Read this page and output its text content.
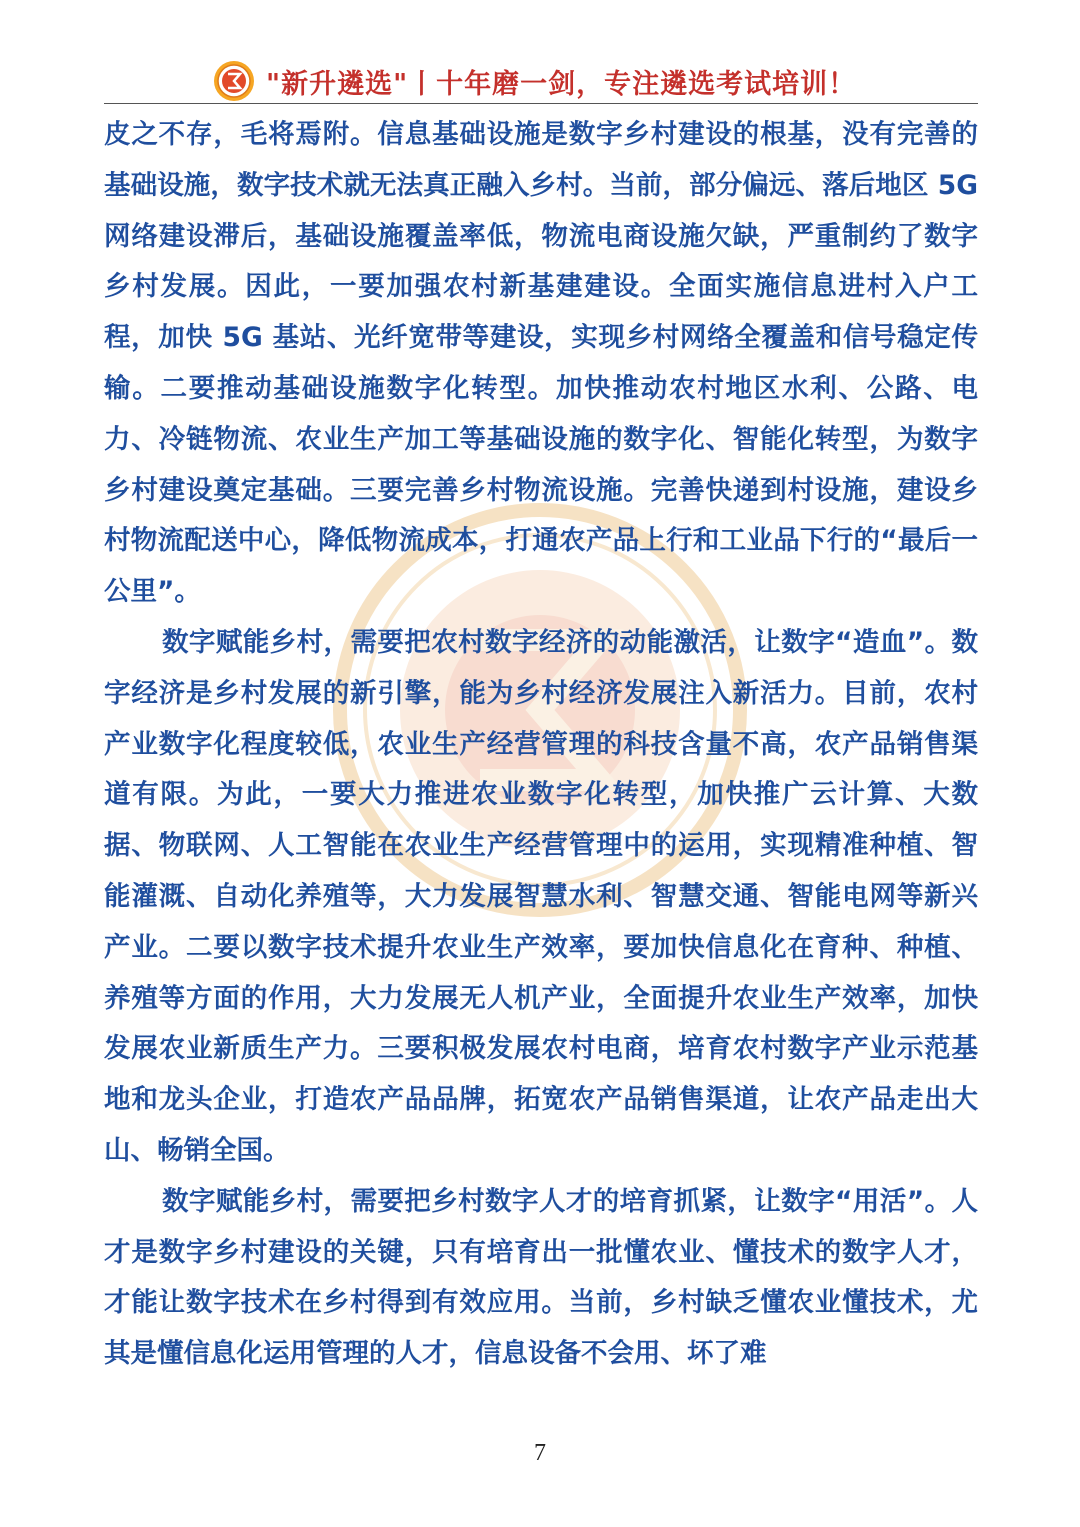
"新升遴选"丨十年磨一剑，专注遴选考试培训！

皮之不存，毛将焉附。信息基础设施是数字乡村建设的根基，没有完善的基础设施，数字技术就无法真正融入乡村。当前，部分偏远、落后地区 5G 网络建设滞后，基础设施覆盖率低，物流电商设施欠缺，严重制约了数字乡村发展。因此，一要加强农村新基建建设。全面实施信息进村入户工程，加快 5G 基站、光纤宽带等建设，实现乡村网络全覆盖和信号稳定传输。二要推动基础设施数字化转型。加快推动农村地区水利、公路、电力、冷链物流、农业生产加工等基础设施的数字化、智能化转型，为数字乡村建设奠定基础。三要完善乡村物流设施。完善快递到村设施，建设乡村物流配送中心，降低物流成本，打通农产品上行和工业品下行的“最后一公里”。

数字赋能乡村，需要把农村数字经济的动能激活，让数字“造血”。数字经济是乡村发展的新引擎，能为乡村经济发展注入新活力。目前，农村产业数字化程度较低，农业生产经营管理的科技含量不高，农产品销售渠道有限。为此，一要大力推进农业数字化转型，加快推广云计算、大数据、物联网、人工智能在农业生产经营管理中的运用，实现精准种植、智能灌溉、自动化养殖等，大力发展智慧水利、智慧交通、智能电网等新兴产业。二要以数字技术提升农业生产效率，要加快信息化在育种、种植、养殖等方面的作用，大力发展无人机产业，全面提升农业生产效率，加快发展农业新质生产力。三要积极发展农村电商，培育农村数字产业示范基地和龙头企业，打造农产品品牌，拓宽农产品销售渠道，让农产品走出大山、畅销全国。

数字赋能乡村，需要把乡村数字人才的培育抓紧，让数字“用活”。人才是数字乡村建设的关键，只有培育出一批懂农业、懂技术的数字人才，才能让数字技术在乡村得到有效应用。当前，乡村缺乏懂农业懂技术，尤其是懂信息化运用管理的人才，信息设备不会用、坏了难

7
